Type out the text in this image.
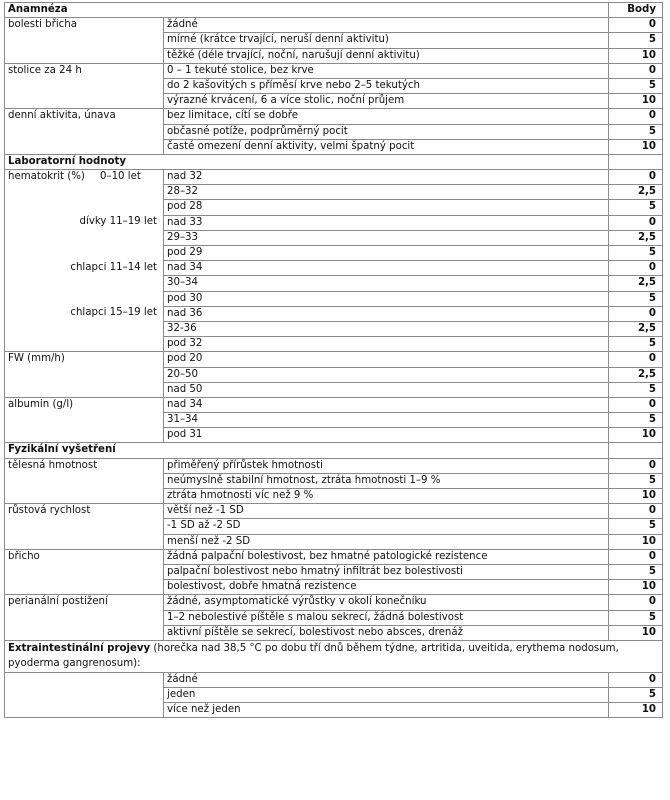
Anamnéza		Body
bolesti břicha	žádné	0
	mírné (krátce trvající, neruší denní aktivitu)	5
	těžké (déle trvající, noční, narušují denní aktivitu)	10
stolice za 24 h	0 – 1 tekuté stolice, bez krve	0
	do 2 kašovitých s příměsí krve nebo 2–5 tekutých	5
	výrazné krvácení, 6 a více stolic, noční průjem	10
denní aktivita, únava	bez limitace, cítí se dobře	0
	občasné potíže, podprůměrný pocit	5
	časté omezení denní aktivity, velmi špatný pocit	10
Laboratorní hodnoty		
hematokrit (%) 0–10 let	nad 32	0
	28–32	2,5
	pod 28	5
dívky 11–19 let	nad 33	0
	29–33	2,5
	pod 29	5
chlapci 11–14 let	nad 34	0
	30–34	2,5
	pod 30	5
chlapci 15–19 let	nad 36	0
	32-36	2,5
	pod 32	5
FW (mm/h)	pod 20	0
	20–50	2,5
	nad 50	5
albumin (g/l)	nad 34	0
	31–34	5
	pod 31	10
Fyzikální vyšetření		
tělesná hmotnost	přiměřený přírůstek hmotnosti	0
	neúmyslně stabilní hmotnost, ztráta hmotnosti 1–9 %	5
	ztráta hmotnosti víc než 9 %	10
růstová rychlost	větší než -1 SD	0
	-1 SD až -2 SD	5
	menší než -2 SD	10
břicho	žádná palpační bolestivost, bez hmatné patologické rezistence	0
	palpační bolestivost nebo hmatný infiltrát bez bolestivosti	5
	bolestivost, dobře hmatná rezistence	10
perianální postižení	žádné, asymptomatické výrůstky v okolí konečníku	0
	1–2 nebolestivé píštěle s malou sekrecí, žádná bolestivost	5
	aktivní píštěle se sekrecí, bolestivost nebo absces, drenáž	10
Extraintestinální projevy (horečka nad 38,5 °C po dobu tří dnů během týdne, artritida, uveitida, erythema nodosum, pyoderma gangrenosum):		
	žádné	0
	jeden	5
	více než jeden	10
